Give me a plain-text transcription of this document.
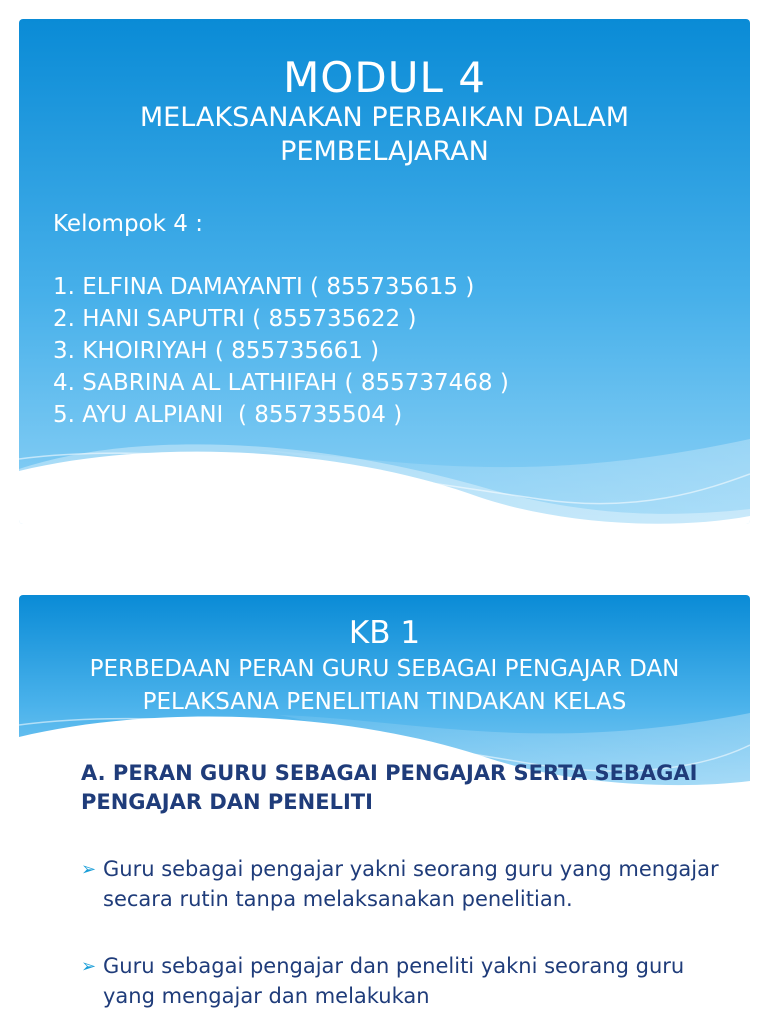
MODUL 4
MELAKSANAKAN PERBAIKAN DALAM PEMBELAJARAN
Kelompok 4 :
1. ELFINA DAMAYANTI ( 855735615 )
2. HANI SAPUTRI ( 855735622 )
3. KHOIRIYAH ( 855735661 )
4. SABRINA AL LATHIFAH ( 855737468 )
5. AYU ALPIANI  ( 855735504 )
KB 1
PERBEDAAN PERAN GURU SEBAGAI PENGAJAR DAN PELAKSANA PENELITIAN TINDAKAN KELAS
A. PERAN GURU SEBAGAI PENGAJAR SERTA SEBAGAI PENGAJAR DAN PENELITI
➢ Guru sebagai pengajar yakni seorang guru yang mengajar secara rutin tanpa melaksanakan penelitian.
➢ Guru sebagai pengajar dan peneliti yakni seorang guru yang mengajar dan melakukan
